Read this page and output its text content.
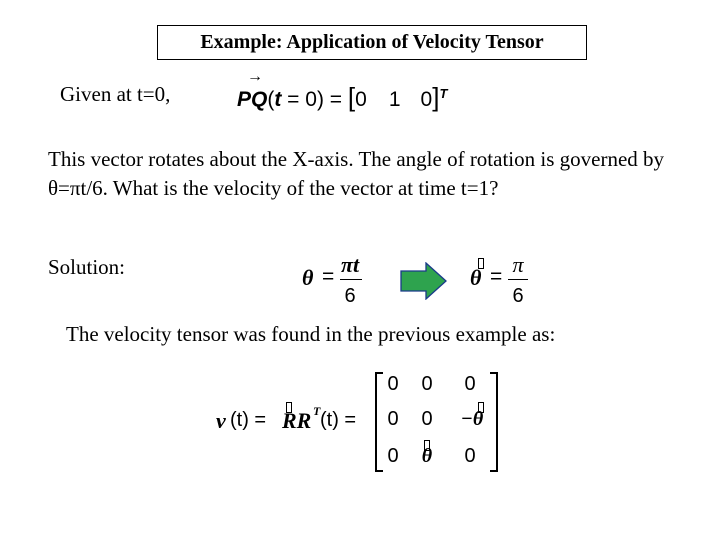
Example: Application of Velocity Tensor
Given at t=0,
→
PQ(t = 0) = [0 1 0]$^T$
This vector rotates about the X-axis. The angle of rotation is governed by θ=πt/6. What is the velocity of the vector at time t=1?
Solution:	θ = πt
6
θ = π
6
The velocity tensor was found in the previous example as:
v (t) = RR T (t) =
0	0	0
0	0	−θ
0	θ	0
